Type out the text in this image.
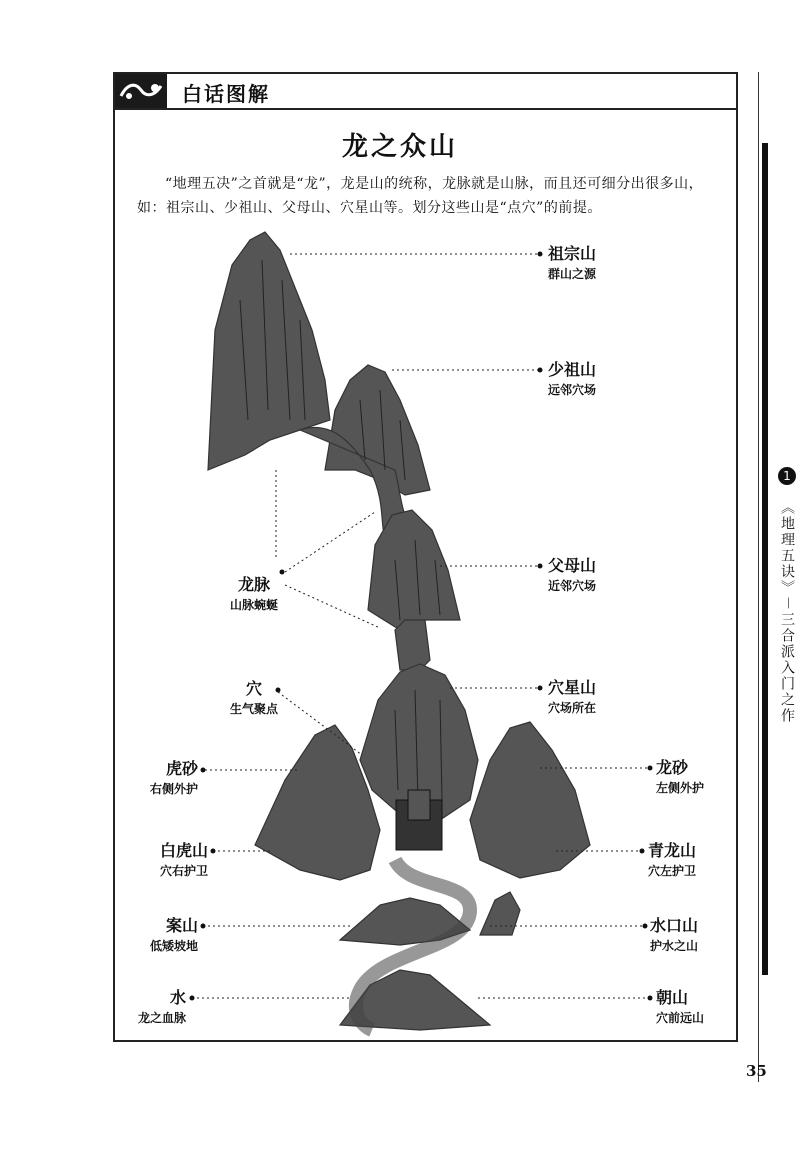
白话图解
龙之众山
“地理五决”之首就是“龙”，龙是山的统称，龙脉就是山脉，而且还可细分出很多山，如：祖宗山、少祖山、父母山、穴星山等。划分这些山是“点穴”的前提。
祖宗山
群山之源
少祖山
远邻穴场
父母山
近邻穴场
龙脉
山脉蜿蜒
穴
生气聚点
穴星山
穴场所在
虎砂
右侧外护
龙砂
左侧外护
白虎山
穴右护卫
青龙山
穴左护卫
案山
低矮坡地
水口山
护水之山
水
龙之血脉
朝山
穴前远山
1
《地理五诀》－三合派入门之作
35
